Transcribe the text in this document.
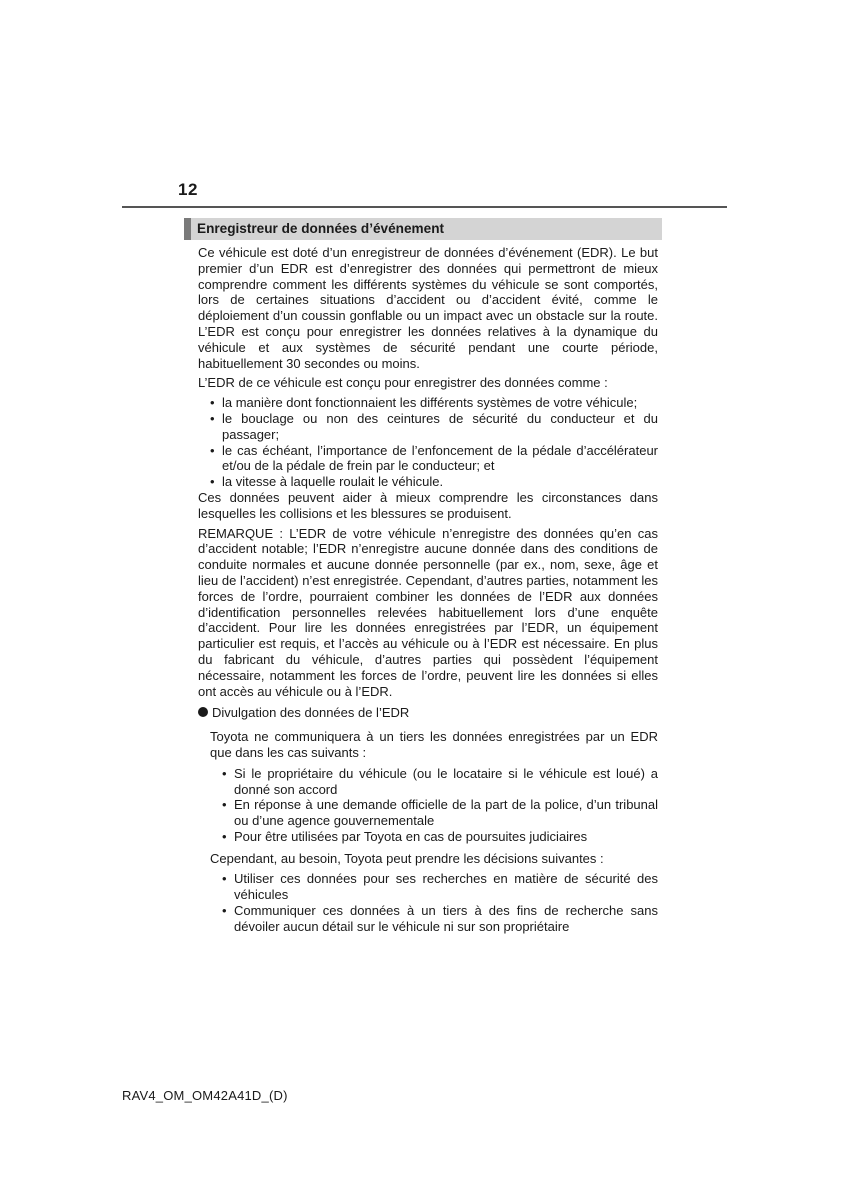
12
Enregistreur de données d’événement

Ce véhicule est doté d’un enregistreur de données d’événement (EDR). Le but premier d’un EDR est d’enregistrer des données qui permettront de mieux comprendre comment les différents systèmes du véhicule se sont comportés, lors de certaines situations d’accident ou d’accident évité, comme le déploiement d’un coussin gonflable ou un impact avec un obstacle sur la route. L’EDR est conçu pour enregistrer les données relatives à la dynamique du véhicule et aux systèmes de sécurité pendant une courte période, habituellement 30 secondes ou moins.

L’EDR de ce véhicule est conçu pour enregistrer des données comme :

• la manière dont fonctionnaient les différents systèmes de votre véhicule;
• le bouclage ou non des ceintures de sécurité du conducteur et du passager;
• le cas échéant, l’importance de l’enfoncement de la pédale d’accélérateur et/ou de la pédale de frein par le conducteur; et
• la vitesse à laquelle roulait le véhicule.

Ces données peuvent aider à mieux comprendre les circonstances dans lesquelles les collisions et les blessures se produisent.

REMARQUE : L’EDR de votre véhicule n’enregistre des données qu’en cas d’accident notable; l’EDR n’enregistre aucune donnée dans des conditions de conduite normales et aucune donnée personnelle (par ex., nom, sexe, âge et lieu de l’accident) n’est enregistrée. Cependant, d’autres parties, notamment les forces de l’ordre, pourraient combiner les données de l’EDR aux données d’identification personnelles relevées habituellement lors d’une enquête d’accident. Pour lire les données enregistrées par l’EDR, un équipement particulier est requis, et l’accès au véhicule ou à l’EDR est nécessaire. En plus du fabricant du véhicule, d’autres parties qui possèdent l’équipement nécessaire, notamment les forces de l’ordre, peuvent lire les données si elles ont accès au véhicule ou à l’EDR.

Divulgation des données de l’EDR

Toyota ne communiquera à un tiers les données enregistrées par un EDR que dans les cas suivants :

• Si le propriétaire du véhicule (ou le locataire si le véhicule est loué) a donné son accord
• En réponse à une demande officielle de la part de la police, d’un tribunal ou d’une agence gouvernementale
• Pour être utilisées par Toyota en cas de poursuites judiciaires

Cependant, au besoin, Toyota peut prendre les décisions suivantes :

• Utiliser ces données pour ses recherches en matière de sécurité des véhicules
• Communiquer ces données à un tiers à des fins de recherche sans dévoiler aucun détail sur le véhicule ni sur son propriétaire
RAV4_OM_OM42A41D_(D)
